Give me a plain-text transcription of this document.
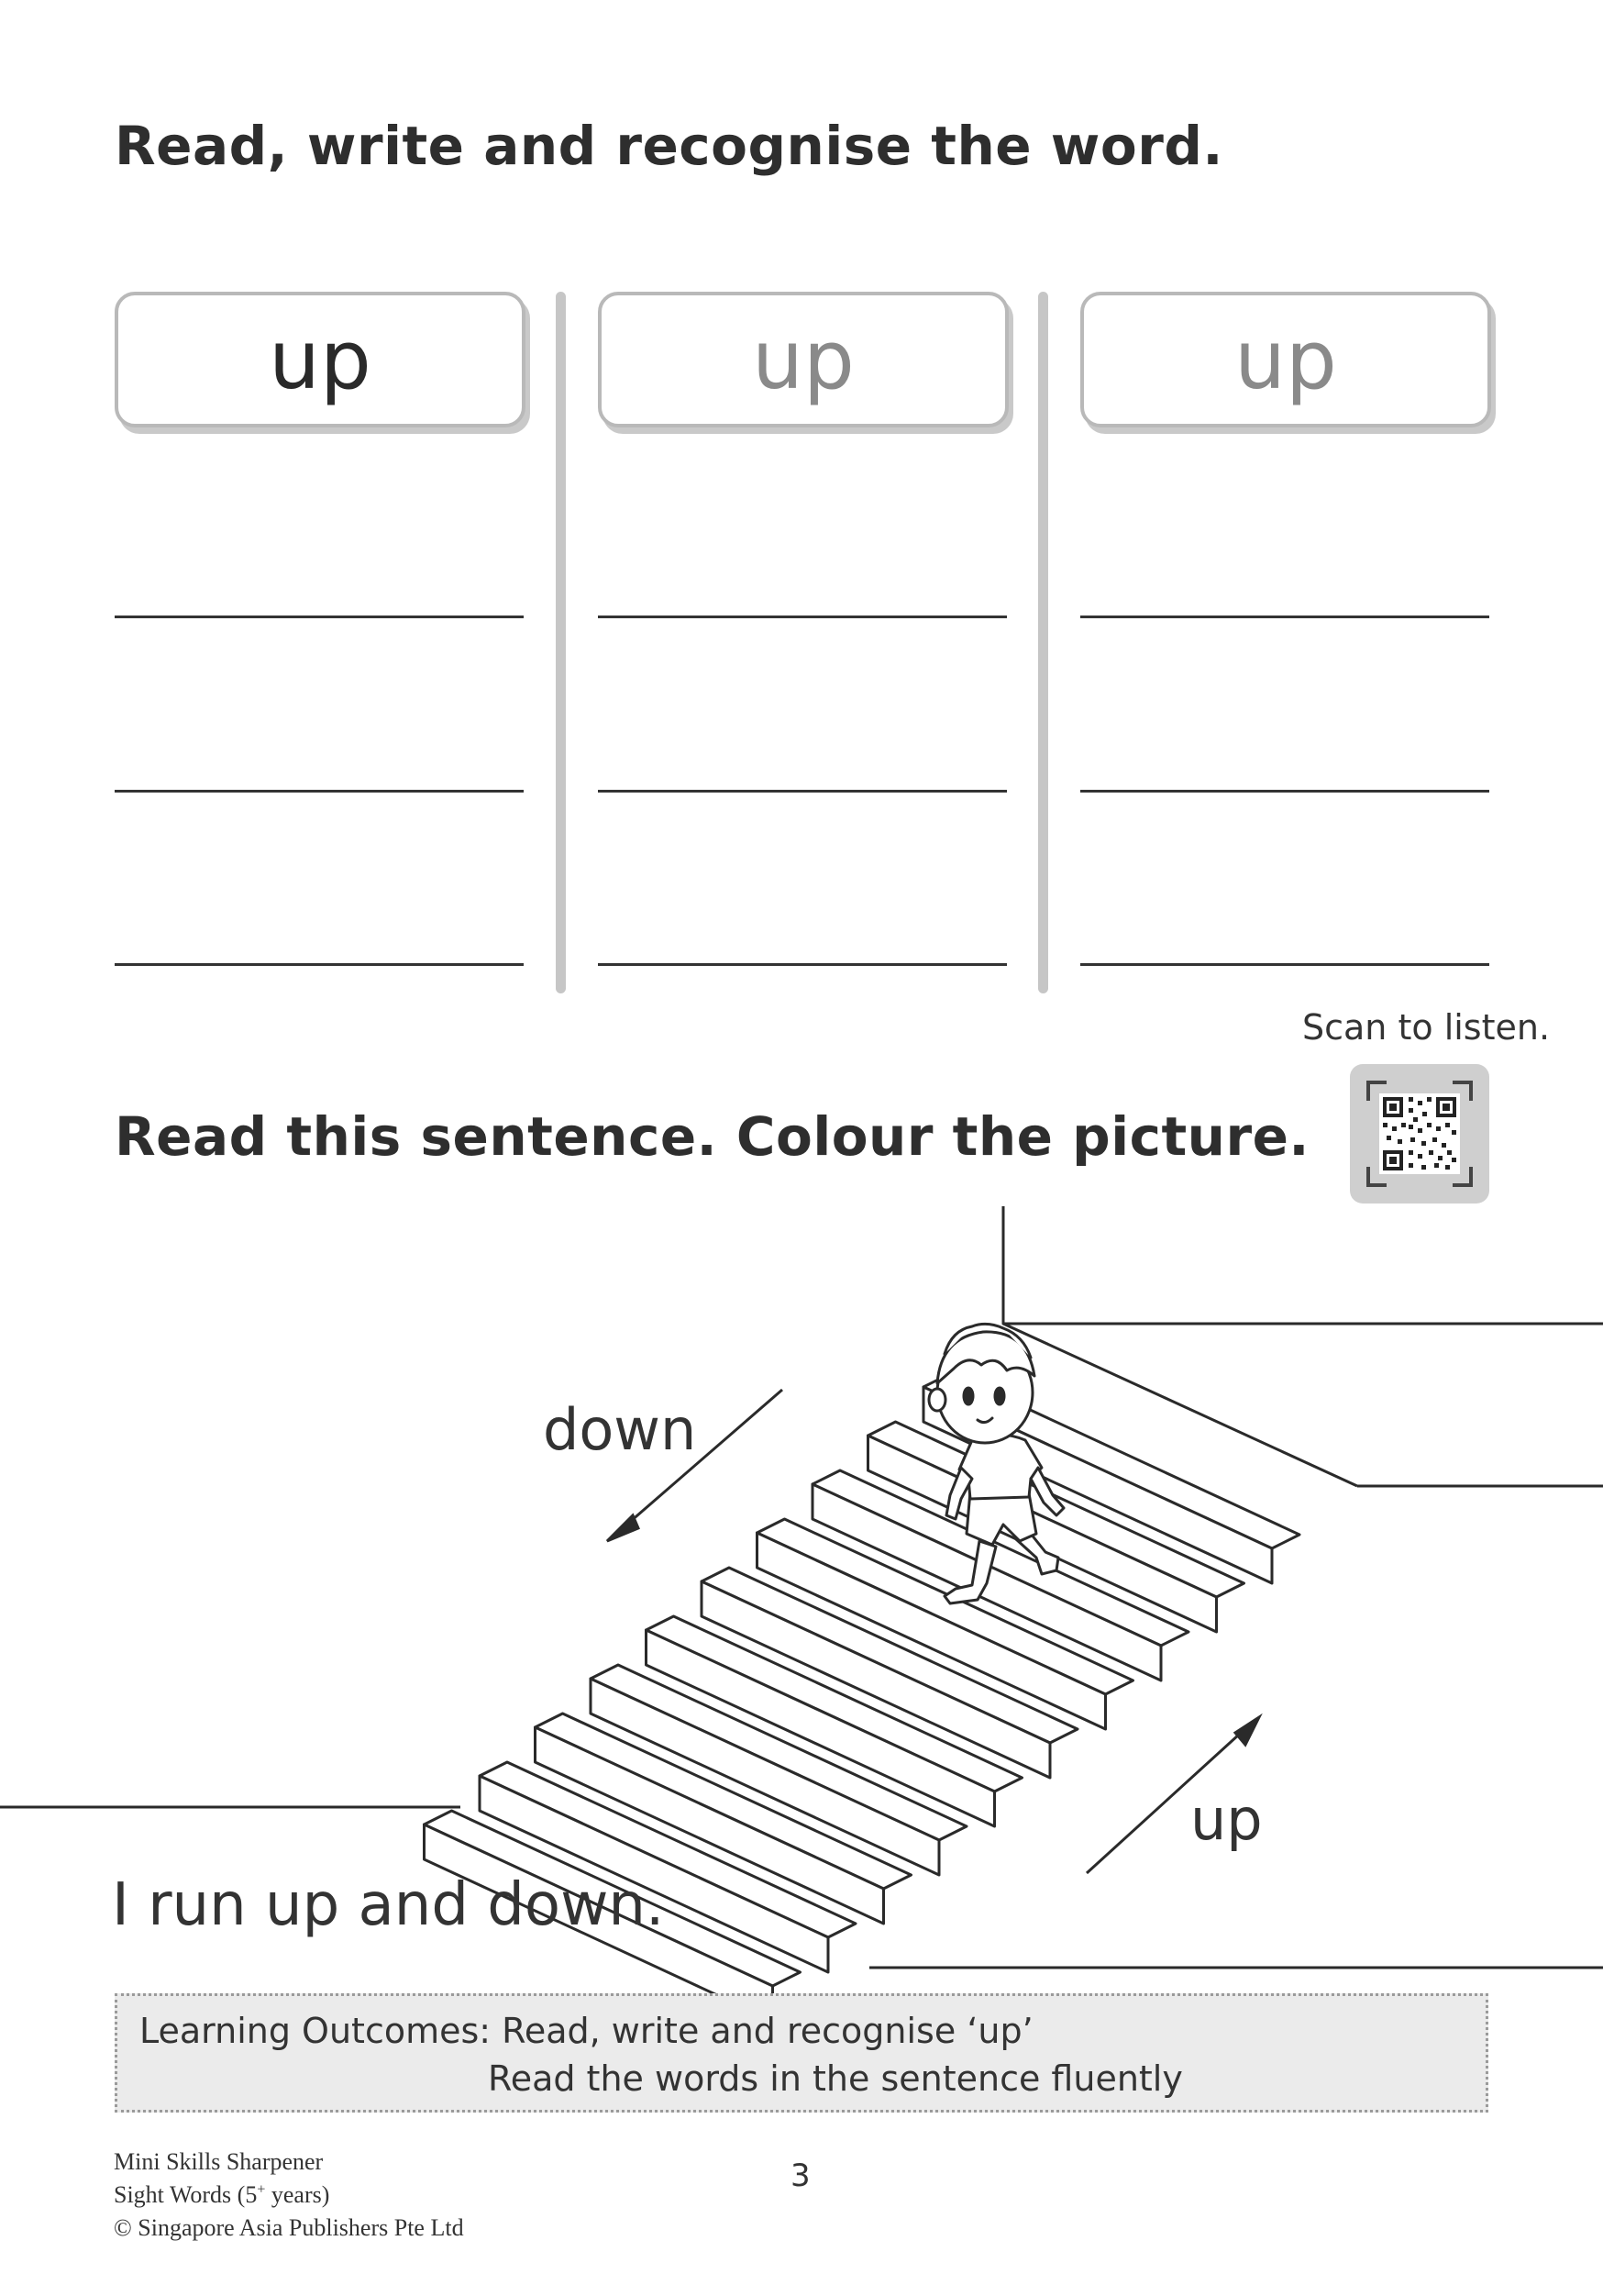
Read, write and recognise the word.
up	up	up
Scan to listen.
Read this sentence. Colour the picture.
down
up
I run up and down.
Learning Outcomes: Read, write and recognise ‘up’
Read the words in the sentence fluently
Mini Skills Sharpener
Sight Words (5+ years)
© Singapore Asia Publishers Pte Ltd
3
